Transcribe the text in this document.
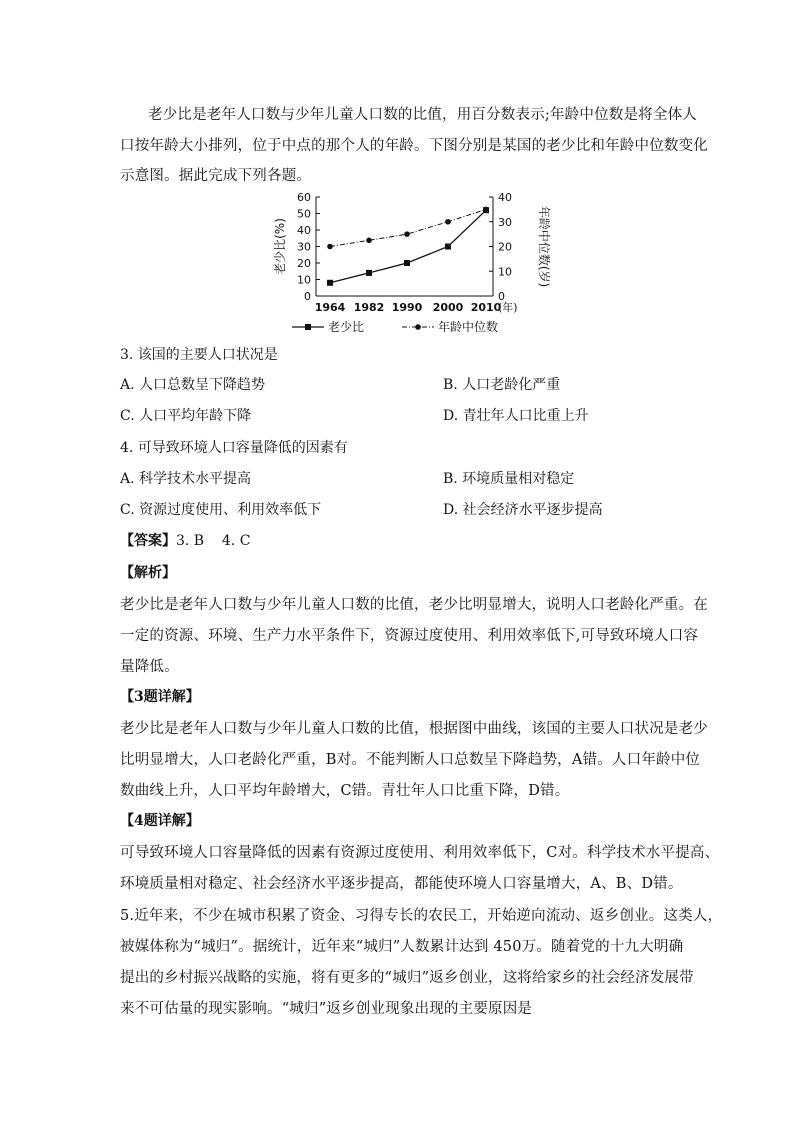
老少比是老年人口数与少年儿童人口数的比值，用百分数表示;年龄中位数是将全体人
口按年龄大小排列，位于中点的那个人的年龄。下图分别是某国的老少比和年龄中位数变化
示意图。据此完成下列各题。
0
10
20
30
40
50
60
0
10
20
30
40
1964 1982 1990 2000 2010
(年)
老少比(%)	年龄中位数(岁)
老少比	年龄中位数
3. 该国的主要人口状况是
A. 人口总数呈下降趋势	B. 人口老龄化严重
C. 人口平均年龄下降	D. 青壮年人口比重上升
4. 可导致环境人口容量降低的因素有
A. 科学技术水平提高	B. 环境质量相对稳定
C. 资源过度使用、利用效率低下	D. 社会经济水平逐步提高
【答案】3. B    4. C
【解析】
老少比是老年人口数与少年儿童人口数的比值，老少比明显增大，说明人口老龄化严重。在
一定的资源、环境、生产力水平条件下，资源过度使用、利用效率低下,可导致环境人口容
量降低。
【3题详解】
老少比是老年人口数与少年儿童人口数的比值，根据图中曲线，该国的主要人口状况是老少
比明显增大，人口老龄化严重，B对。不能判断人口总数呈下降趋势，A错。人口年龄中位
数曲线上升，人口平均年龄增大，C错。青壮年人口比重下降，D错。
【4题详解】
可导致环境人口容量降低的因素有资源过度使用、利用效率低下，C对。科学技术水平提高、
环境质量相对稳定、社会经济水平逐步提高，都能使环境人口容量增大，A、B、D错。
5.近年来，不少在城市积累了资金、习得专长的农民工，开始逆向流动、返乡创业。这类人，
被媒体称为“城归”。据统计，近年来“城归”人数累计达到 450万。随着党的十九大明确
提出的乡村振兴战略的实施，将有更多的“城归”返乡创业，这将给家乡的社会经济发展带
来不可估量的现实影响。“城归”返乡创业现象出现的主要原因是
